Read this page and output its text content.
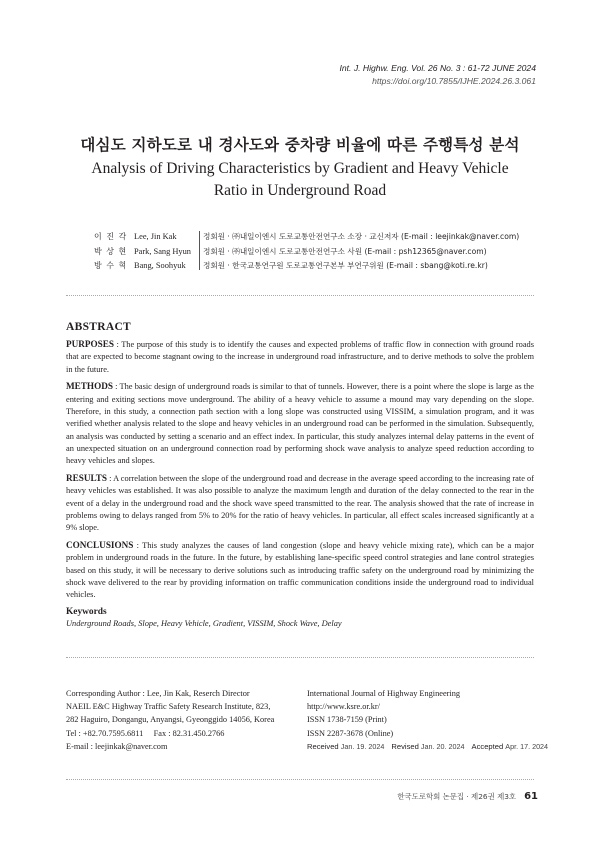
Int. J. Highw. Eng. Vol. 26 No. 3 : 61-72 JUNE 2024
https://doi.org/10.7855/IJHE.2024.26.3.061
대심도 지하도로 내 경사도와 중차량 비율에 따른 주행특성 분석
Analysis of Driving Characteristics by Gradient and Heavy Vehicle Ratio in Underground Road
이 진 각 Lee, Jin Kak	정회원 · ㈜내일이엔시 도로교통안전연구소 소장 · 교신저자 (E-mail : leejinkak@naver.com)
박 상 현 Park, Sang Hyun	정회원 · ㈜내일이엔시 도로교통안전연구소 사원 (E-mail : psh12365@naver.com)
방 수 혁 Bang, Soohyuk	정회원 · 한국교통연구원 도로교통연구본부 부연구위원 (E-mail : sbang@koti.re.kr)
ABSTRACT

PURPOSES : The purpose of this study is to identify the causes and expected problems of traffic flow in connection with ground roads that are expected to become stagnant owing to the increase in underground road infrastructure, and to derive methods to solve the problem in the future.

METHODS : The basic design of underground roads is similar to that of tunnels. However, there is a point where the slope is large as the entering and exiting sections move underground. The ability of a heavy vehicle to assume a mound may vary depending on the slope. Therefore, in this study, a connection path section with a long slope was constructed using VISSIM, a simulation program, and it was verified whether analysis related to the slope and heavy vehicles in an underground road can be performed in the simulation. Subsequently, an analysis was conducted by setting a scenario and an effect index. In particular, this study analyzes internal delay patterns in the event of an unexpected situation on an underground connection road by performing shock wave analysis to analyze speed reduction according to heavy vehicles and slopes.

RESULTS : A correlation between the slope of the underground road and decrease in the average speed according to the increasing rate of heavy vehicles was established. It was also possible to analyze the maximum length and duration of the delay connected to the rear in the event of a delay in the underground road and the shock wave speed transmitted to the rear. The analysis showed that the rate of increase in problems owing to delays ranged from 5% to 20% for the ratio of heavy vehicles. In particular, all effect scales increased significantly at a 9% slope.

CONCLUSIONS : This study analyzes the causes of land congestion (slope and heavy vehicle mixing rate), which can be a major problem in underground roads in the future. In the future, by establishing lane-specific speed control strategies and lane control strategies based on this study, it will be necessary to derive solutions such as introducing traffic safety on the underground road by minimizing the shock wave delivered to the rear by providing information on traffic communication conditions inside the underground road to individual vehicles.

Keywords
Underground Roads, Slope, Heavy Vehicle, Gradient, VISSIM, Shock Wave, Delay
Corresponding Author : Lee, Jin Kak, Reserch Director
NAEIL E&C Highway Traffic Safety Research Institute, 823,
282 Haguiro, Dongangu, Anyangsi, Gyeonggido 14056, Korea
Tel : +82.70.7595.6811     Fax : 82.31.450.2766
E-mail : leejinkak@naver.com
International Journal of Highway Engineering
http://www.ksre.or.kr/
ISSN 1738-7159 (Print)
ISSN 2287-3678 (Online)
Received Jan. 19. 2024 Revised Jan. 20. 2024 Accepted Apr. 17. 2024
한국도로학회 논문집 · 제26권 제3호 61
